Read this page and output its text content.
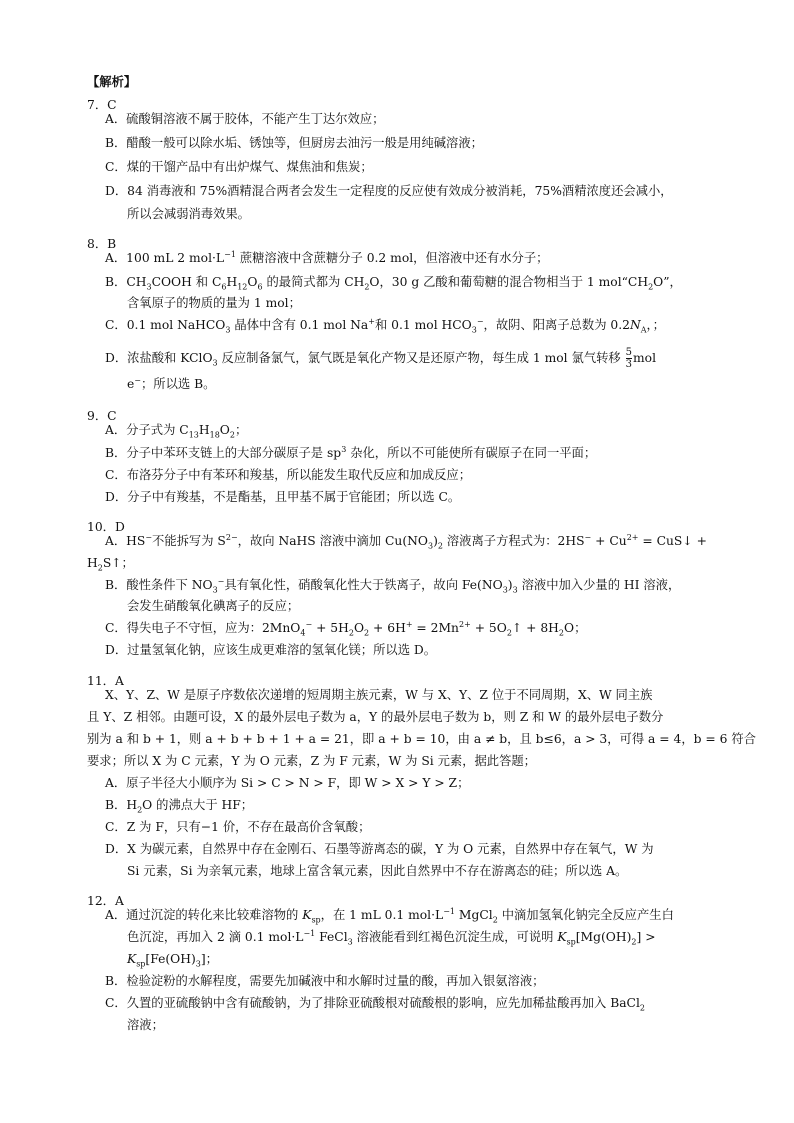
【解析】
7．C
A．硫酸铜溶液不属于胶体，不能产生丁达尔效应；
B．醋酸一般可以除水垢、锈蚀等，但厨房去油污一般是用纯碱溶液；
C．煤的干馏产品中有出炉煤气、煤焦油和焦炭；
D．84 消毒液和 75%酒精混合两者会发生一定程度的反应使有效成分被消耗，75%酒精浓度还会减小，
所以会减弱消毒效果。
8．B
A．100 mL 2 $mol\cdot L^{-1}$ 蔗糖溶液中含蔗糖分子 0.2 mol，但溶液中还有水分子；
B．$CH_3COOH$ 和 $C_6H_{12}O_6$ 的最简式都为 $CH_2O$，30 g 乙酸和葡萄糖的混合物相当于 1 $mol“CH_2O$”，
含氧原子的物质的量为 1 mol；
C．0.1 mol NaHCO$_3$ 晶体中含有 0.1 mol Na+和 0.1 mol $HCO_3^-$，故阴、阳离子总数为 $0.2N_A$，；
D．浓盐酸和 KClO$_3$ 反应制备氯气，氯气既是氧化产物又是还原产物，每生成 1 mol 氯气转移 $\frac{5}{3}$ mol
e−；所以选 B。
9．C
A．分子式为 $C_{13}H_{18}O_2$；
B．分子中苯环支链上的大部分碳原子是 $sp^3$ 杂化，所以不可能使所有碳原子在同一平面；
C．布洛芬分子中有苯环和羧基，所以能发生取代反应和加成反应；
D．分子中有羧基，不是酯基，且甲基不属于官能团；所以选 C。
10．D
A．HS−不能拆写为 $S^{2-}$，故向 NaHS 溶液中滴加 $Cu(NO_3)_2$ 溶液离子方程式为：$2HS^- + Cu^{2+}$ = CuS↓ +
$H_2S↑$；
B．酸性条件下 $NO_3^-$具有氧化性，硝酸氧化性大于铁离子，故向 $Fe(NO_3)_3$ 溶液中加入少量的 HI 溶液，
会发生硝酸氧化碘离子的反应；
C．得失电子不守恒，应为：$2MnO_4^- + 5H_2O_2 + 6H^+ = 2Mn^{2+}$ + $5O_2↑ + 8H_2O$；
D．过量氢氧化钠，应该生成更难溶的氢氧化镁；所以选 D。
11．A
X、Y、Z、W 是原子序数依次递增的短周期主族元素，W 与 X、Y、Z 位于不同周期，X、W 同主族
且 Y、Z 相邻。由题可设，X 的最外层电子数为 a，Y 的最外层电子数为 b，则 Z 和 W 的最外层电子数分
别为 a 和 b + 1，则 a + b + b + 1 + a = 21，即 a + b = 10，由 a ≠ b，且 b≤6，a > 3，可得 a = 4，b = 6 符合
要求；所以 X 为 C 元素，Y 为 O 元素，Z 为 F 元素，W 为 Si 元素，据此答题；
A．原子半径大小顺序为 Si > C > N > F，即 W > X > Y > Z；
B．$H_2O$ 的沸点大于 HF；
C．Z 为 F，只有−1 价，不存在最高价含氧酸；
D．X 为碳元素，自然界中存在金刚石、石墨等游离态的碳，Y 为 O 元素，自然界中存在氧气，W 为
Si 元素，Si 为亲氧元素，地球上富含氧元素，因此自然界中不存在游离态的硅；所以选 A。
12．A
A．通过沉淀的转化来比较难溶物的 $K_{sp}$，在 1 mL 0.1 $mol\cdot L^{-1}$ MgCl$_2$ 中滴加氢氧化钠完全反应产生白
色沉淀，再加入 2 滴 0.1 $mol\cdot L^{-1}$ FeCl$_3$ 溶液能看到红褐色沉淀生成，可说明 $K_{sp}[Mg(OH)_2]$ >
$K_{sp}[Fe(OH)_3]$；
B．检验淀粉的水解程度，需要先加碱液中和水解时过量的酸，再加入银氨溶液；
C．久置的亚硫酸钠中含有硫酸钠，为了排除亚硫酸根对硫酸根的影响，应先加稀盐酸再加入 BaCl$_2$
溶液；
